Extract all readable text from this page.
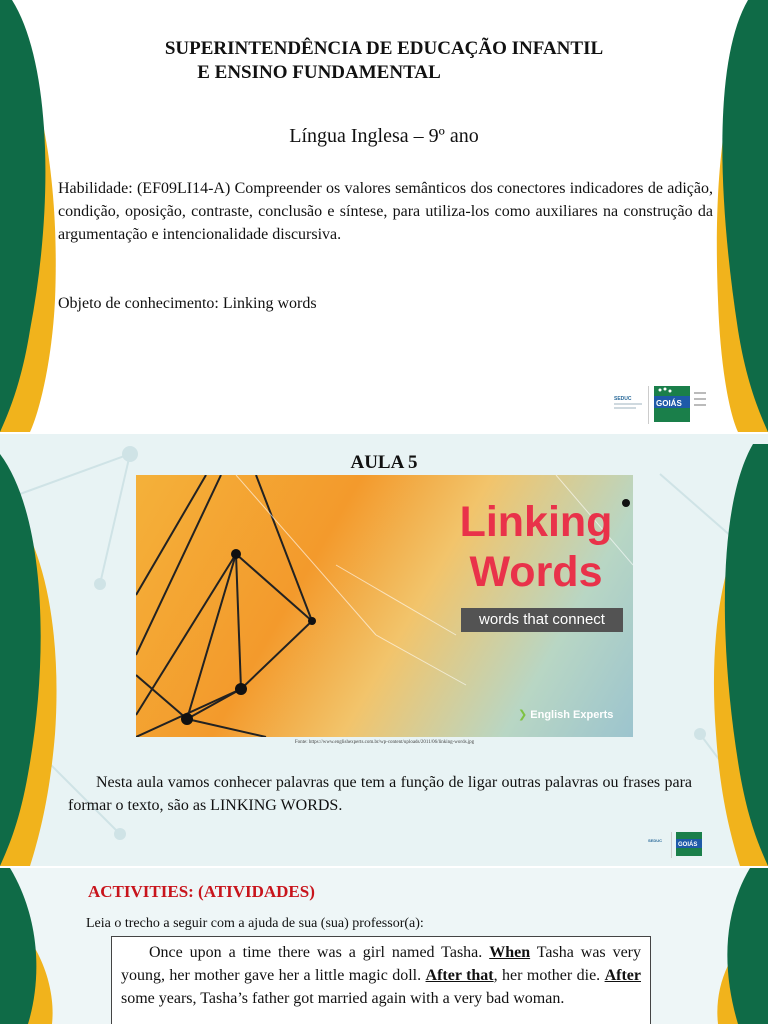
SUPERINTENDÊNCIA DE EDUCAÇÃO INFANTIL
E ENSINO FUNDAMENTAL
Língua Inglesa – 9º ano
Habilidade: (EF09LI14-A) Compreender os valores semânticos dos conectores indicadores de adição, condição, oposição, contraste, conclusão e síntese, para utiliza-los como auxiliares na construção da argumentação e intencionalidade discursiva.
Objeto de conhecimento: Linking words
SEDUC	GOIÁS
AULA 5
Linking
Words
words that connect
❯ English Experts
Fonte: https://www.englishexperts.com.br/wp-content/uploads/2011/06/linking-words.jpg
Nesta aula vamos conhecer palavras que tem a função de ligar outras palavras ou frases para formar o texto, são as LINKING WORDS.
SEDUC
GOIÁS
ACTIVITIES: (ATIVIDADES)
Leia o trecho a seguir com a ajuda de sua (sua) professor(a):
Once upon a time there was a girl named Tasha. When Tasha was very young, her mother gave her a little magic doll. After that, her mother die. After some years, Tasha’s father got married again with a very bad woman.
